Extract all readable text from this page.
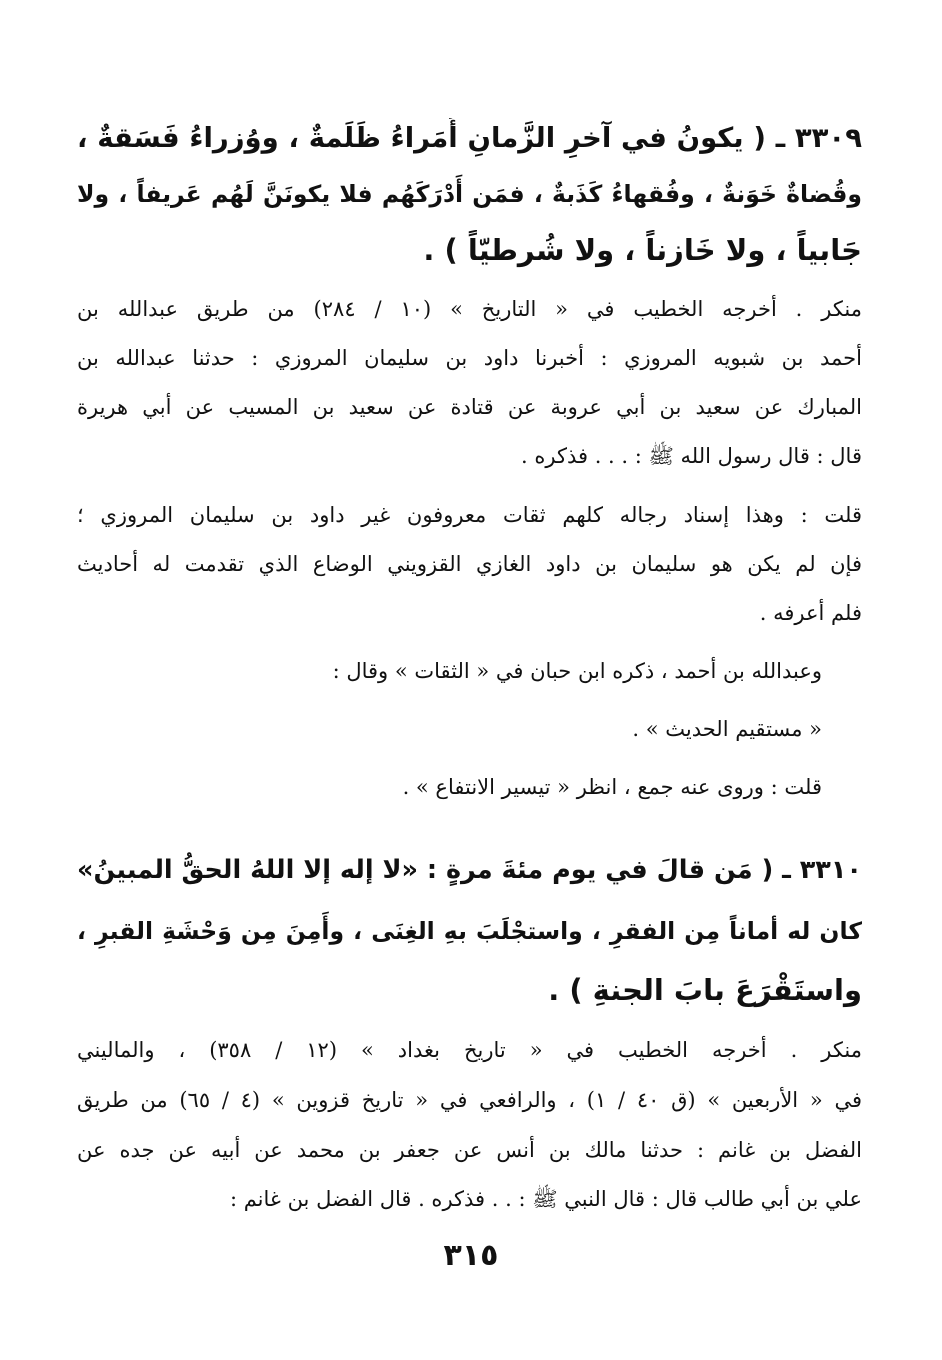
٣٣٠٩ ـ ( يكونُ في آخرِ الزَّمانِ أُمَراءُ ظَلَمةٌ ، ووُزراءُ فَسَقةٌ ،
وقُضاةٌ خَوَنةٌ ، وفُقهاءُ كَذَبةٌ ، فمَن أَدْرَكَهُم فلا يكونَنَّ لَهُم عَريفاً ، ولا
جَابياً ، ولا خَازناً ، ولا شُرطيّاً ) .
منكر . أخرجه الخطيب في « التاريخ » (١٠ / ٢٨٤) من طريق عبدالله بن
أحمد بن شبويه المروزي : أخبرنا داود بن سليمان المروزي : حدثنا عبدالله بن
المبارك عن سعيد بن أبي عروبة عن قتادة عن سعيد بن المسيب عن أبي هريرة
قال : قال رسول الله ﷺ : . . . فذكره .
قلت : وهذا إسناد رجاله كلهم ثقات معروفون غير داود بن سليمان المروزي ؛
فإن لم يكن هو سليمان بن داود الغازي القزويني الوضاع الذي تقدمت له أحاديث
فلم أعرفه .
وعبدالله بن أحمد ، ذكره ابن حبان في « الثقات » وقال :
« مستقيم الحديث » .
قلت : وروى عنه جمع ، انظر « تيسير الانتفاع » .
٣٣١٠ ـ ( مَن قالَ في يوم مئةَ مرةٍ : «لا إله إلا اللهُ الحقُّ المبينُ»
كان له أماناً مِن الفقرِ ، واستجْلَبَ بهِ الغِنَى ، وأَمِنَ مِن وَحْشَةِ القبرِ ،
واستَقْرَعَ بابَ الجنةِ ) .
منكر . أخرجه الخطيب في « تاريخ بغداد » (١٢ / ٣٥٨) ، والماليني
في « الأربعين » (ق ٤٠ / ١) ، والرافعي في « تاريخ قزوين » (٤ / ٦٥) من طريق
الفضل بن غانم : حدثنا مالك بن أنس عن جعفر بن محمد عن أبيه عن جده عن
علي بن أبي طالب قال : قال النبي ﷺ : . . فذكره . قال الفضل بن غانم :
٣١٥
